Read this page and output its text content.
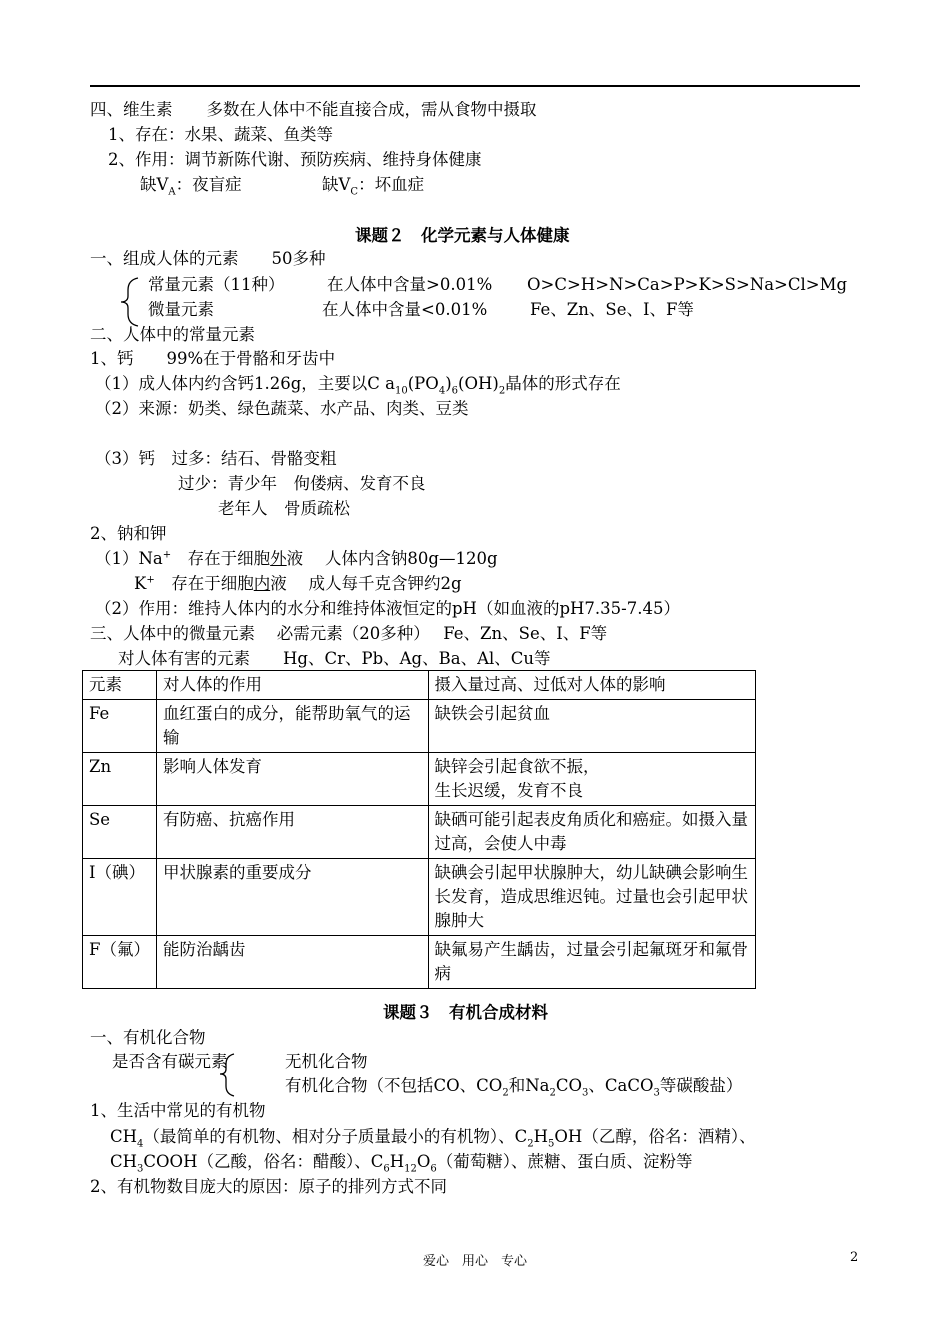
四、维生素 多数在人体中不能直接合成，需从食物中摄取
1、存在：水果、蔬菜、鱼类等
2、作用：调节新陈代谢、预防疾病、维持身体健康
缺$V_A$：夜盲症	缺$V_C$：坏血症
课题２　化学元素与人体健康
一、组成人体的元素　　50多种
常量元素（11种）	在人体中含量>0.01% O>C>H>N>Ca>P>K>S>Na>Cl>Mg
微量元素	在人体中含量<0.01%	Fe、Zn、Se、I、F等
二、人体中的常量元素
1、钙　　99%在于骨骼和牙齿中
（1）成人体内约含钙1.26g，主要以C $a_{10}(PO_4)_6(OH)_2$晶体的形式存在
（2）来源：奶类、绿色蔬菜、水产品、肉类、豆类
（3）钙　过多：结石、骨骼变粗
过少：青少年　佝偻病、发育不良
老年人　骨质疏松
2、钠和钾
（1）Na+　存在于细胞外液　 人体内含钠80g—120g
K+　存在于细胞内液　 成人每千克含钾约2g
（2）作用：维持人体内的水分和维持体液恒定的pH（如血液的pH7.35-7.45）
三、人体中的微量元素　 必需元素（20多种）　 Fe、Zn、Se、I、F等
对人体有害的元素　　Hg、Cr、Pb、Ag、Ba、Al、Cu等
元素	对人体的作用	摄入量过高、过低对人体的影响
Fe	血红蛋白的成分，能帮助氧气的运输	缺铁会引起贫血
Zn	影响人体发育	缺锌会引起食欲不振，
生长迟缓，发育不良
Se	有防癌、抗癌作用	缺硒可能引起表皮角质化和癌症。如摄入量过高，会使人中毒
I（碘）	甲状腺素的重要成分	缺碘会引起甲状腺肿大，幼儿缺碘会影响生长发育，造成思维迟钝。过量也会引起甲状腺肿大
F（氟）	能防治龋齿	缺氟易产生龋齿，过量会引起氟斑牙和氟骨病
课题３　有机合成材料
一、有机化合物
是否含有碳元素	无机化合物
有机化合物（不包括CO、$CO_2$和$Na_2CO_3$、CaCO$_3$等碳酸盐）
1、生活中常见的有机物
$CH_4$（最简单的有机物、相对分子质量最小的有机物）、$C_2H_5OH$（乙醇，俗名：酒精）、
$CH_3COOH$（乙酸，俗名：醋酸）、$C_6H_{12}O_6$（葡萄糖）、蔗糖、蛋白质、淀粉等
2、有机物数目庞大的原因：原子的排列方式不同
爱心　用心　专心	2
